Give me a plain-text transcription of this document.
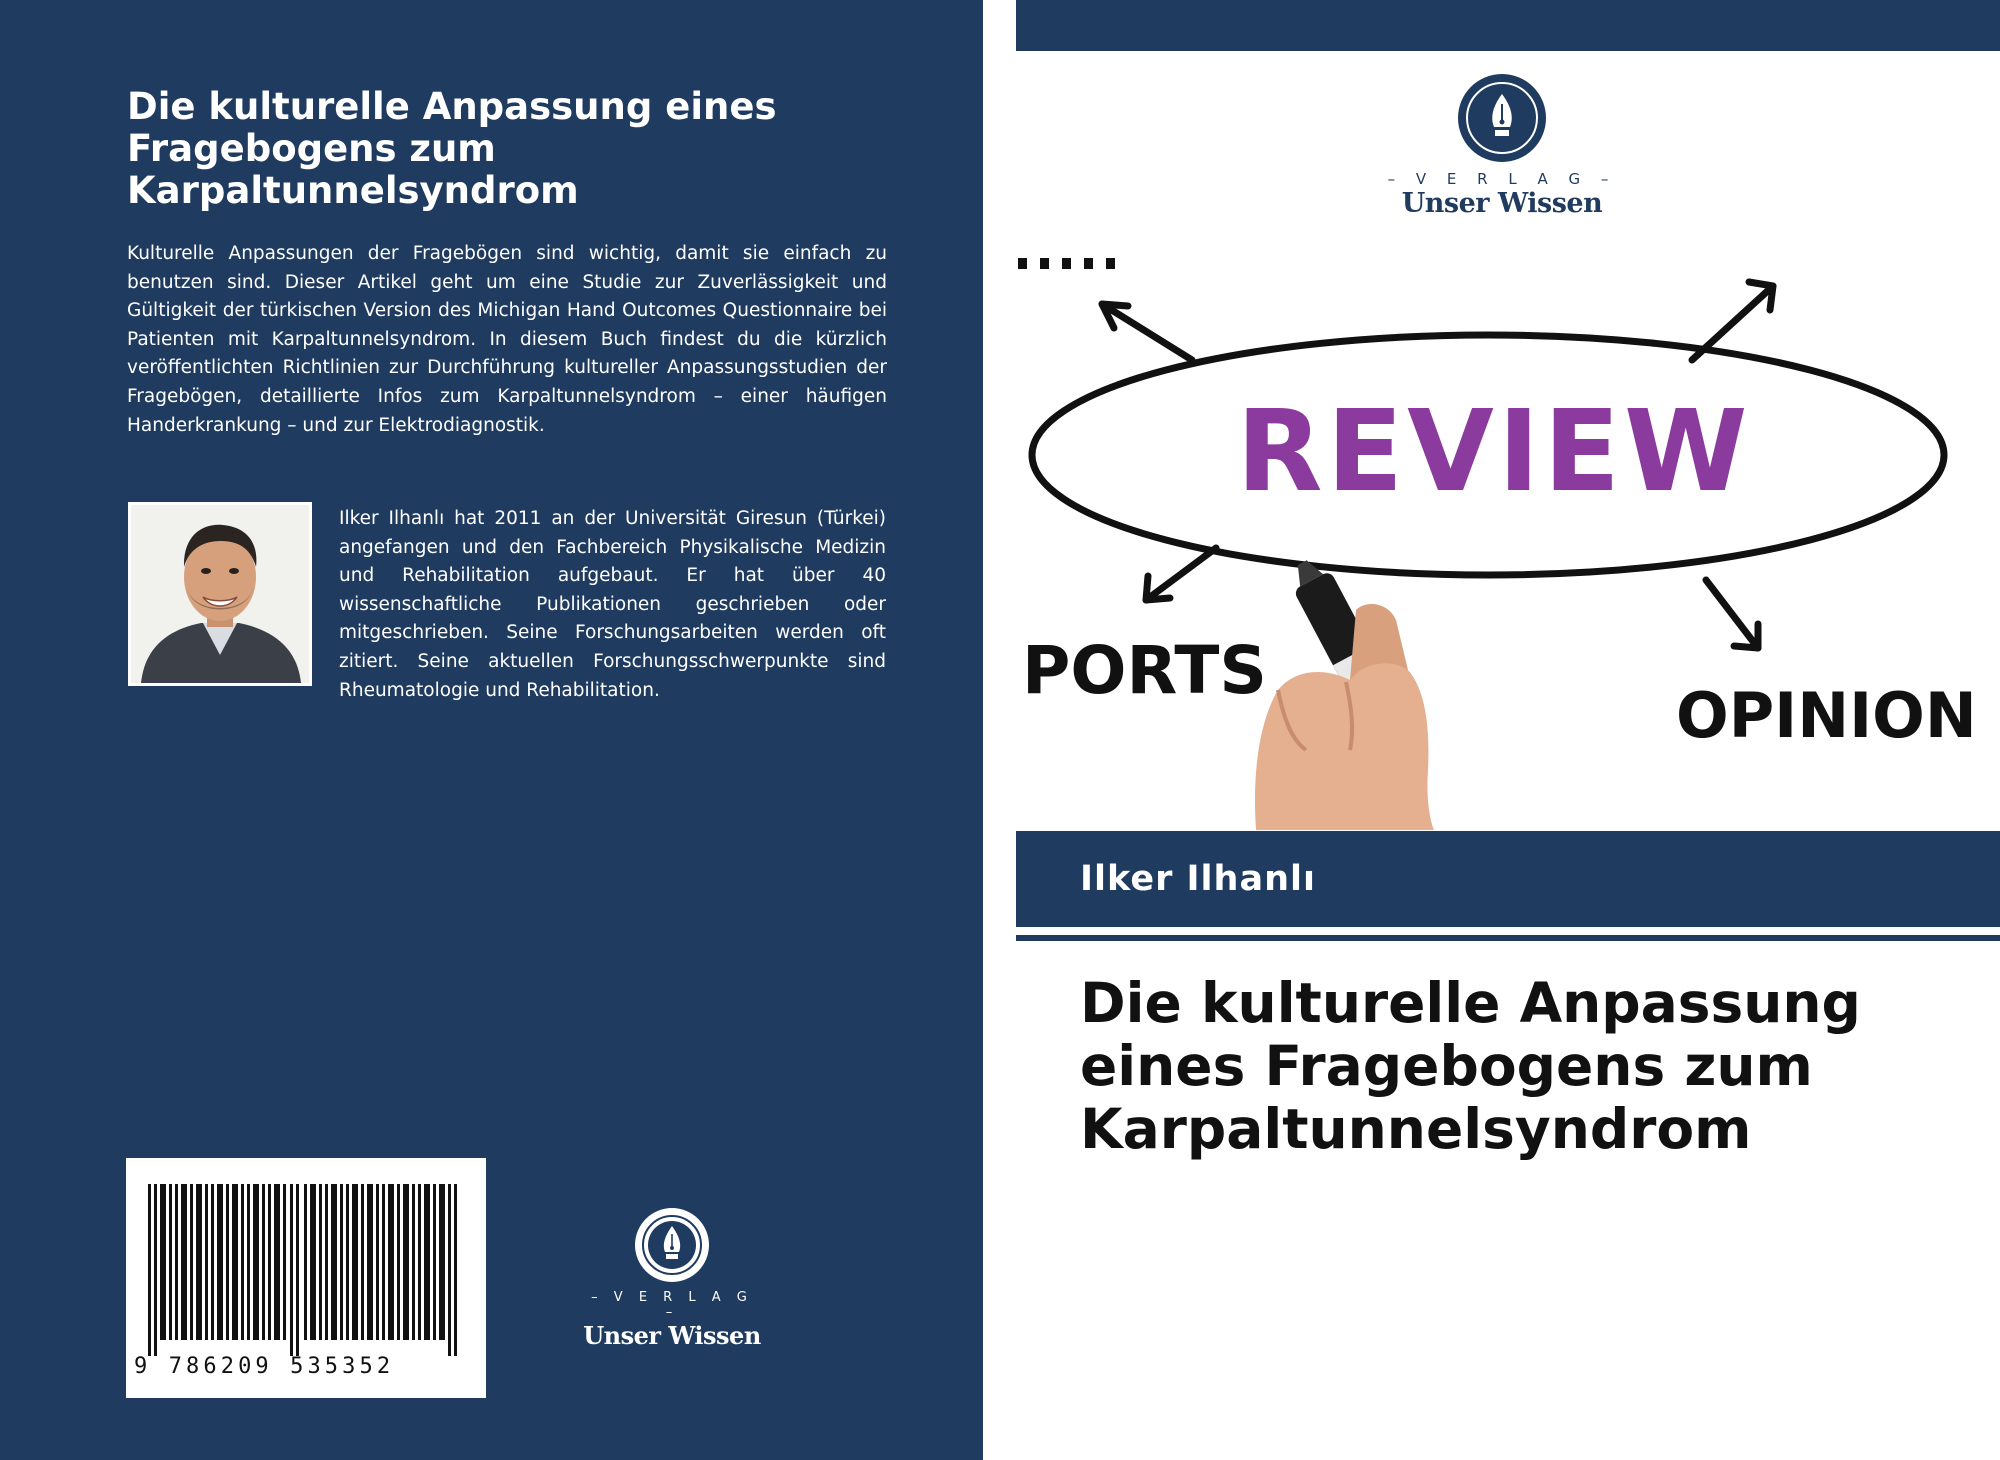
Die kulturelle Anpassung eines Fragebogens zum Karpaltunnelsyndrom
Kulturelle Anpassungen der Fragebögen sind wichtig, damit sie einfach zu benutzen sind. Dieser Artikel geht um eine Studie zur Zuverlässigkeit und Gültigkeit der türkischen Version des Michigan Hand Outcomes Questionnaire bei Patienten mit Karpaltunnelsyndrom. In diesem Buch findest du die kürzlich veröffentlichten Richtlinien zur Durchführung kultureller Anpassungsstudien der Fragebögen, detaillierte Infos zum Karpaltunnelsyndrom – einer häufigen Handerkrankung – und zur Elektrodiagnostik.
Ilker Ilhanlı hat 2011 an der Universität Giresun (Türkei) angefangen und den Fachbereich Physikalische Medizin und Rehabilitation aufgebaut. Er hat über 40 wissenschaftliche Publikationen geschrieben oder mitgeschrieben. Seine Forschungsarbeiten werden oft zitiert. Seine aktuellen Forschungsschwerpunkte sind Rheumatologie und Rehabilitation.
9 786209 535352
– V E R L A G –
Unser Wissen
– V E R L A G –
Unser Wissen
REVIEW
PORTS
OPINION
Ilker Ilhanlı
Die kulturelle Anpassung eines Fragebogens zum Karpaltunnelsyndrom
